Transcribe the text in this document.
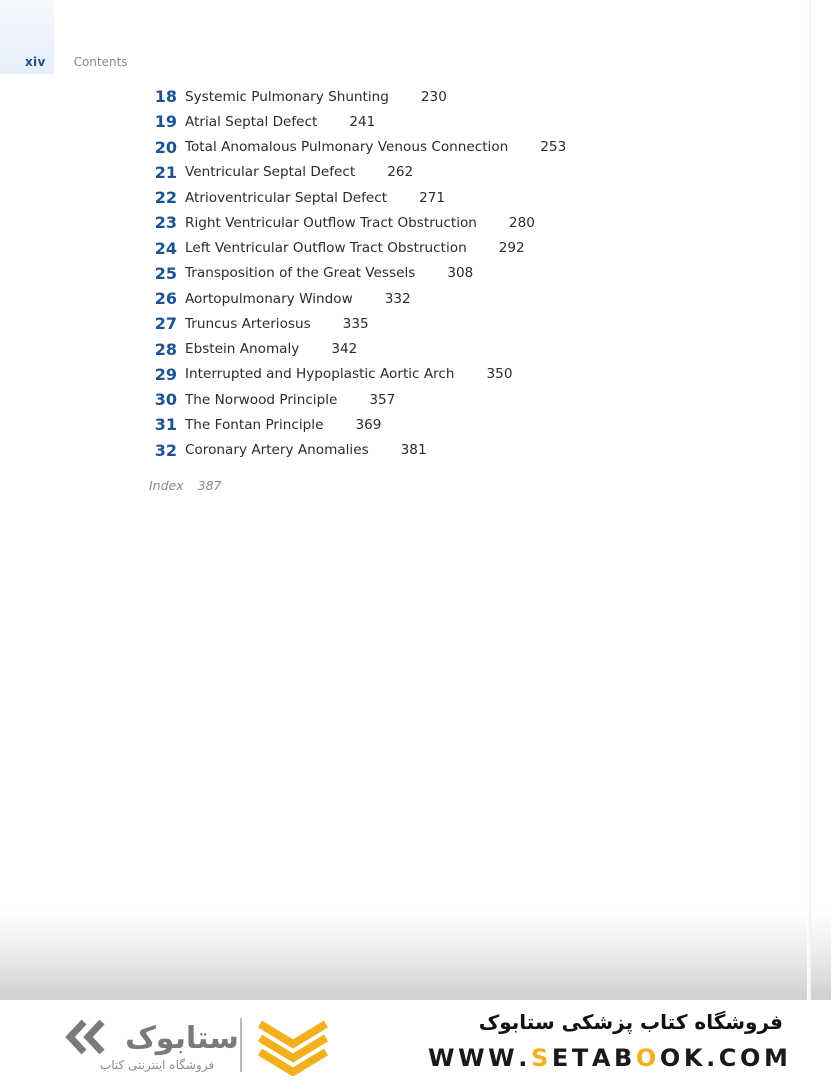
xiv Contents
18 Systemic Pulmonary Shunting 230
19 Atrial Septal Defect 241
20 Total Anomalous Pulmonary Venous Connection 253
21 Ventricular Septal Defect 262
22 Atrioventricular Septal Defect 271
23 Right Ventricular Outflow Tract Obstruction 280
24 Left Ventricular Outflow Tract Obstruction 292
25 Transposition of the Great Vessels 308
26 Aortopulmonary Window 332
27 Truncus Arteriosus 335
28 Ebstein Anomaly 342
29 Interrupted and Hypoplastic Aortic Arch 350
30 The Norwood Principle 357
31 The Fontan Principle 369
32 Coronary Artery Anomalies 381
Index 387
ستابوک
فروشگاه اینترنتی کتاب
فروشگاه کتاب پزشکی ستابوک
W W W . S E T A B O O K . C O M
